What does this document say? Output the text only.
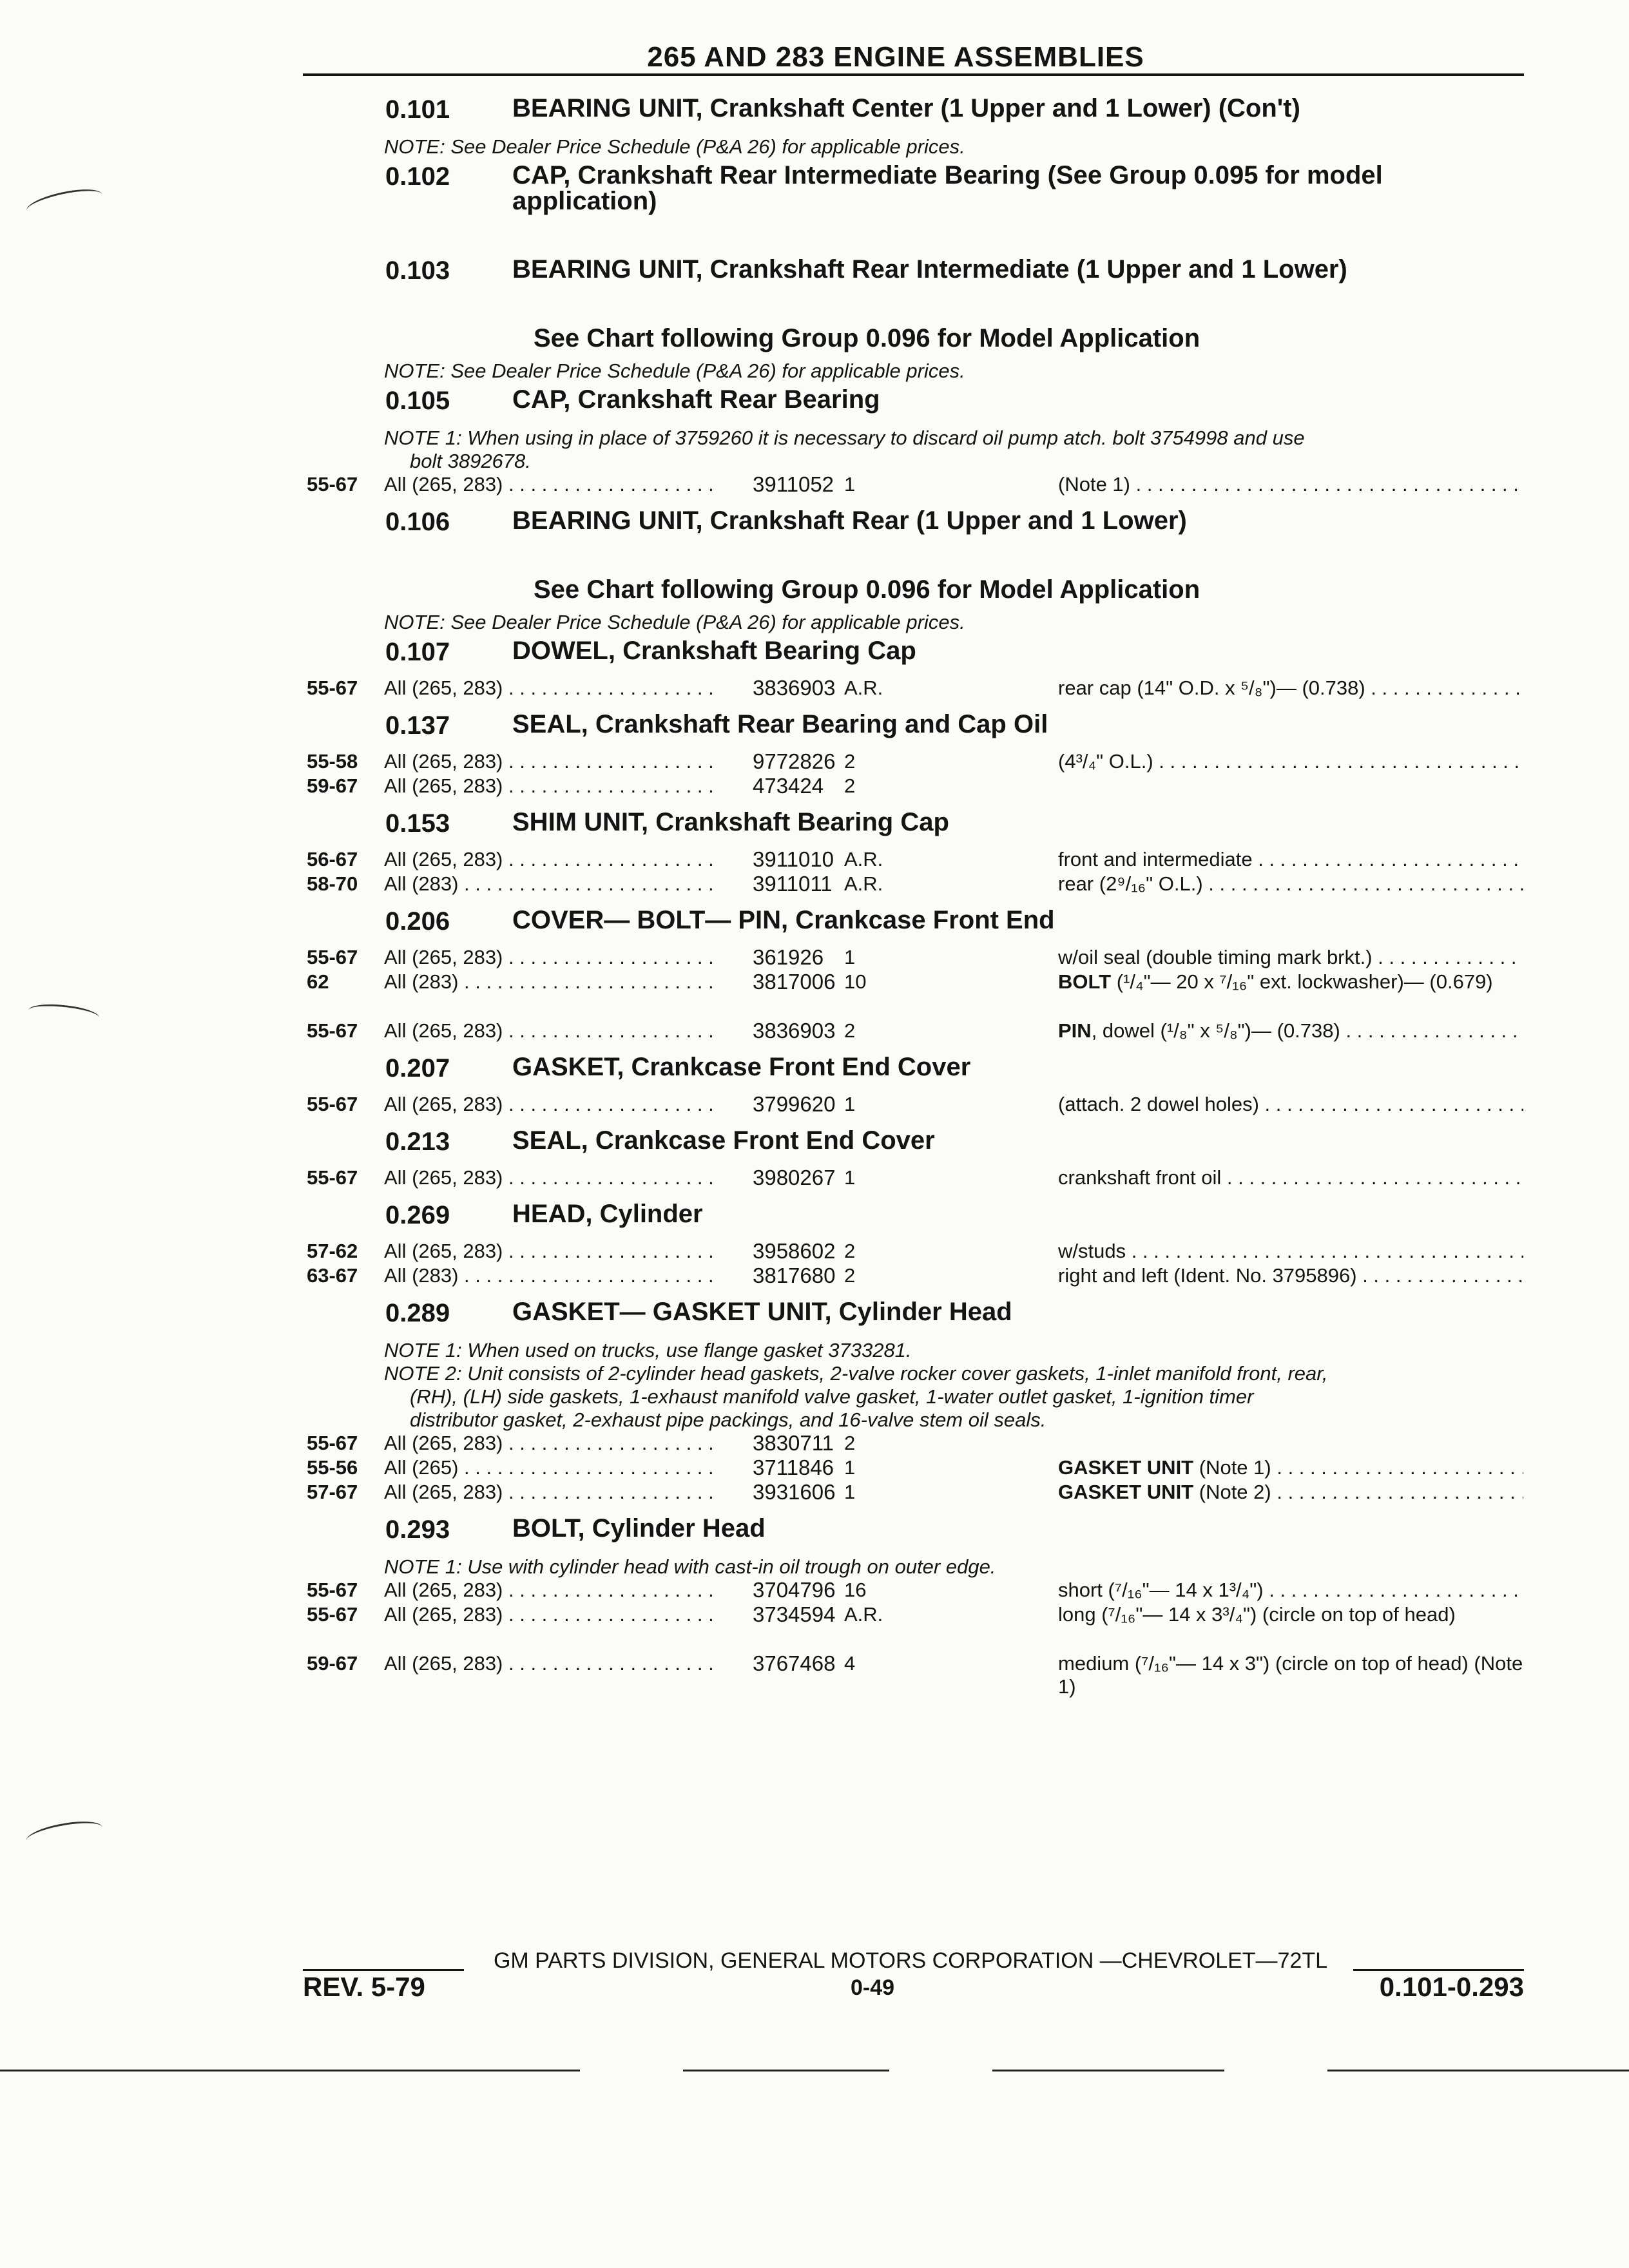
265 AND 283 ENGINE ASSEMBLIES
0.101 BEARING UNIT, Crankshaft Center (1 Upper and 1 Lower) (Con't)
NOTE: See Dealer Price Schedule (P&A 26) for applicable prices.
0.102 CAP, Crankshaft Rear Intermediate Bearing (See Group 0.095 for model application)
0.103 BEARING UNIT, Crankshaft Rear Intermediate (1 Upper and 1 Lower)
See Chart following Group 0.096 for Model Application
NOTE: See Dealer Price Schedule (P&A 26) for applicable prices.
0.105 CAP, Crankshaft Rear Bearing
NOTE 1: When using in place of 3759260 it is necessary to discard oil pump atch. bolt 3754998 and use
bolt 3892678.
55-67 All (265, 283) . . .	3911052 1	(Note 1) . . .
0.106 BEARING UNIT, Crankshaft Rear (1 Upper and 1 Lower)
See Chart following Group 0.096 for Model Application
NOTE: See Dealer Price Schedule (P&A 26) for applicable prices.
0.107 DOWEL, Crankshaft Bearing Cap
55-67 All (265, 283) . . .	3836903 A.R.	rear cap (14" O.D. x ⁵/₈")— (0.738) . . .
0.137 SEAL, Crankshaft Rear Bearing and Cap Oil
55-58 All (265, 283) . . .	9772826 2	(4³/₄" O.L.) . . .
59-67 All (265, 283) . . .	473424 2
0.153 SHIM UNIT, Crankshaft Bearing Cap
56-67 All (265, 283) . . .	3911010 A.R.	front and intermediate . . .
58-70 All (283) . . .	3911011 A.R.	rear (2⁹/₁₆" O.L.) . . .
0.206 COVER— BOLT— PIN, Crankcase Front End
55-67 All (265, 283) . . .	361926 1	w/oil seal (double timing mark brkt.) . . .
62	All (283) . . .	3817006 10	BOLT (¹/₄"— 20 x ⁷/₁₆" ext. lockwasher)— (0.679)
55-67 All (265, 283) . . .	3836903 2	PIN, dowel (¹/₈" x ⁵/₈")— (0.738) . . .
0.207 GASKET, Crankcase Front End Cover
55-67 All (265, 283) . . .	3799620 1	(attach. 2 dowel holes) . . .
0.213 SEAL, Crankcase Front End Cover
55-67 All (265, 283) . . .	3980267 1	crankshaft front oil . . .
0.269 HEAD, Cylinder
57-62 All (265, 283) . . .	3958602 2	w/studs . . .
63-67 All (283) . . .	3817680 2	right and left (Ident. No. 3795896) . . .
0.289 GASKET— GASKET UNIT, Cylinder Head
NOTE 1: When used on trucks, use flange gasket 3733281.
NOTE 2: Unit consists of 2-cylinder head gaskets, 2-valve rocker cover gaskets, 1-inlet manifold front, rear,
(RH), (LH) side gaskets, 1-exhaust manifold valve gasket, 1-water outlet gasket, 1-ignition timer
distributor gasket, 2-exhaust pipe packings, and 16-valve stem oil seals.
55-67 All (265, 283) . . .	3830711 2
55-56 All (265) . . .	3711846 1	GASKET UNIT (Note 1) . . .
57-67 All (265, 283) . . .	3931606 1	GASKET UNIT (Note 2) . . .
0.293 BOLT, Cylinder Head
NOTE 1: Use with cylinder head with cast-in oil trough on outer edge.
55-67 All (265, 283) . . .	3704796 16	short (⁷/₁₆"— 14 x 1³/₄") . . .
55-67 All (265, 283) . . .	3734594 A.R.	long (⁷/₁₆"— 14 x 3³/₄") (circle on top of head)
59-67 All (265, 283) . . .	3767468 4	medium (⁷/₁₆"— 14 x 3") (circle on top of head) (Note 1)
GM PARTS DIVISION, GENERAL MOTORS CORPORATION —CHEVROLET—72TL
REV. 5-79	0-49	0.101-0.293
